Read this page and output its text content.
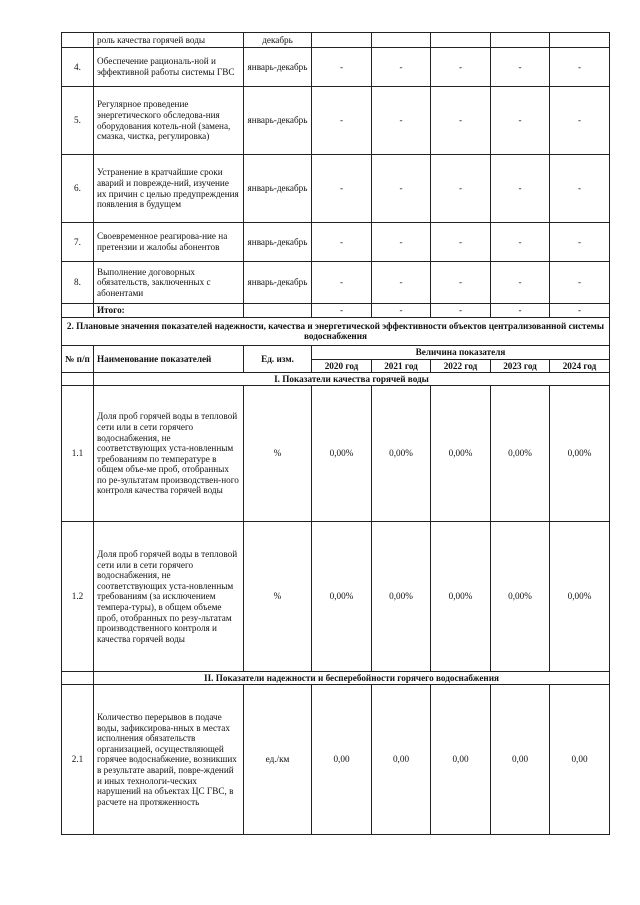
	роль качества горячей воды	декабрь					
4.	Обеспечение рациональ-ной и эффективной работы системы ГВС	январь-декабрь	-	-	-	-	-
5.	Регулярное проведение энергетического обследова-ния оборудования котель-ной (замена, смазка, чистка, регулировка)	январь-декабрь	-	-	-	-	-
6.	Устранение в кратчайшие сроки аварий и поврежде-ний, изучение их причин с целью предупреждения появления в будущем	январь-декабрь	-	-	-	-	-
7.	Своевременное реагирова-ние на претензии и жалобы абонентов	январь-декабрь	-	-	-	-	-
8.	Выполнение договорных обязательств, заключенных с абонентами	январь-декабрь	-	-	-	-	-
	Итого:		-	-	-	-	-
2. Плановые значения показателей надежности, качества и энергетической эффективности объектов централизованной системы водоснабжения							
№ п/п	Наименование показателей	Ед. изм.	Величина показателя				
			2020 год	2021 год	2022 год	2023 год	2024 год
	I. Показатели качества горячей воды						
1.1	Доля проб горячей воды в тепловой сети или в сети горячего водоснабжения, не соответствующих уста-новленным требованиям по температуре в общем объе-ме проб, отобранных по ре-зультатам производствен-ного контроля качества горячей воды	%	0,00%	0,00%	0,00%	0,00%	0,00%
1.2	Доля проб горячей воды в тепловой сети или в сети горячего водоснабжения, не соответствующих уста-новленным требованиям (за исключением темпера-туры), в общем объеме проб, отобранных по резу-льтатам производственного контроля и качества горячей воды	%	0,00%	0,00%	0,00%	0,00%	0,00%
	II. Показатели надежности и бесперебойности горячего водоснабжения						
2.1	Количество перерывов в подаче воды, зафиксирова-нных в местах исполнения обязательств организацией, осуществляющей горячее водоснабжение, возникших в результате аварий, повре-ждений и иных технологи-ческих нарушений на объектах ЦС ГВС, в расчете на протяженность	ед./км	0,00	0,00	0,00	0,00	0,00
